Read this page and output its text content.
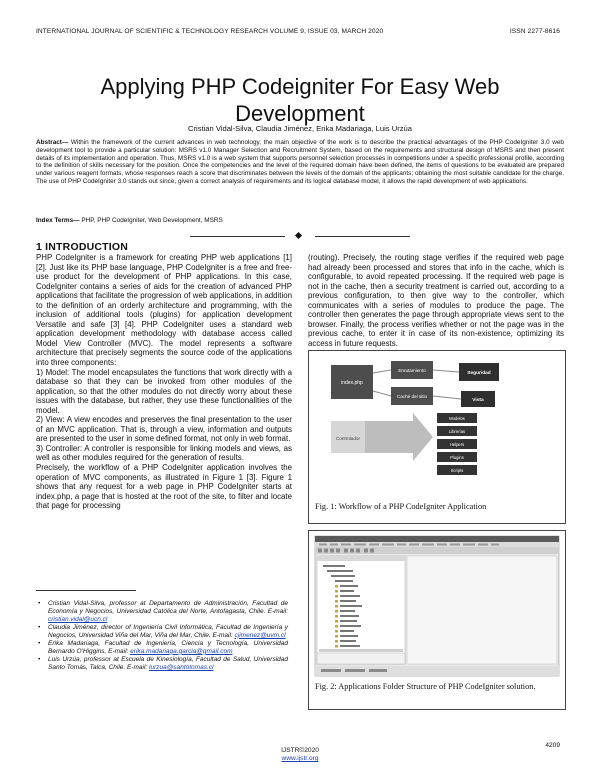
INTERNATIONAL JOURNAL OF SCIENTIFIC & TECHNOLOGY RESEARCH VOLUME 9, ISSUE 03, MARCH 2020	ISSN 2277-8616
Applying PHP Codeigniter For Easy Web Development
Cristian Vidal-Silva, Claudia Jiménez, Erika Madariaga, Luis Urzúa
Abstract— Within the framework of the current advances in web technology, the main objective of the work is to describe the practical advantages of the PHP CodeIgniter 3.0 web development tool to provide a particular solution: MSRS v1.0 Manager Selection and Recruitment System, based on the requirements and structural design of MSRS and then present details of its implementation and operation. Thus, MSRS v1.0 is a web system that supports personnel selection processes in competitions under a specific professional profile, according to the definition of skills necessary for the position. Once the competencies and the level of the required domain have been defined, the items of questions to be evaluated are prepared under various reagent formats, whose responses reach a score that discriminates between the levels of the domain of the applicants; obtaining the most suitable candidate for the charge. The use of PHP CodeIgniter 3.0 stands out since, given a correct analysis of requirements and its logical database model, it allows the rapid development of web applications.
Index Terms— PHP, PHP CodeIgniter, Web Development, MSRS
1 INTRODUCTION

PHP CodeIgniter is a framework for creating PHP web applications [1] [2]. Just like its PHP base language, PHP CodeIgniter is a free and free-use product for the development of PHP applications. In this case, CodeIgniter contains a series of aids for the creation of advanced PHP applications that facilitate the progression of web applications, in addition to the definition of an orderly architecture and programming, with the inclusion of additional tools (plugins) for application development Versatile and safe [3] [4]. PHP CodeIgniter uses a standard web application development methodology with database access called Model View Controller (MVC). The model represents a software architecture that precisely segments the source code of the applications into three components:

1) Model: The model encapsulates the functions that work directly with a database so that they can be invoked from other modules of the application, so that the other modules do not directly worry about these issues with the database, but rather, they use these functionalities of the model.

2) View: A view encodes and preserves the final presentation to the user of an MVC application. That is, through a view, information and outputs are presented to the user in some defined format, not only in web format.

3) Controller: A controller is responsible for linking models and views, as well as other modules required for the generation of results.

Precisely, the workflow of a PHP CodeIgniter application involves the operation of MVC components, as illustrated in Figure 1 [3]. Figure 1 shows that any request for a web page in PHP CodeIgniter starts at index.php, a page that is hosted at the root of the site, to filter and locate that page for processing

(routing). Precisely, the routing stage verifies if the required web page had already been processed and stores that info in the cache, which is configurable, to avoid repeated processing. If the required web page is not in the cache, then a security treatment is carried out, according to a previous configuration, to then give way to the controller, which communicates with a series of modules to produce the page. The controller then generates the page through appropriate views sent to the browser. Finally, the process verifies whether or not the page was in the previous cache, to enter it in case of its non-existence, optimizing its access in future requests.

index.php
Enrutamiento
Caché del sitio
Seguridad
Vista
Controlador
Modelos
Librerías
Helpers
Plugins
Scripts
Fig. 1: Workflow of a PHP CodeIgniter Application
Fig. 2: Applications Folder Structure of PHP CodeIgniter solution.
• Cristian Vidal-Silva, professor at Departamento de Administración, Facultad de Economía y Negocios, Universidad Católica del Norte, Antofagasta, Chile. E-mail: cristian.vidal@ucn.cl
• Claudia Jiménez, director of Ingeniería Civil Informática, Facultad de Ingeniería y Negocios, Universidad Viña del Mar, Viña del Mar, Chile. E-mail: cjimenez@uvm.cl
• Erika Madariaga, Facultad de Ingeniería, Ciencia y Tecnología, Universidad Bernardo O'Higgins, E-mail: erika.madariaga.garcia@gmail.com
• Luis Urzúa, professor at Escuela de Kinesiología, Facultad de Salud, Universidad Santo Tomás, Talca, Chile. E-mail: lurzua@santotomas.cl
IJSTR©2020
www.ijstr.org
4209
